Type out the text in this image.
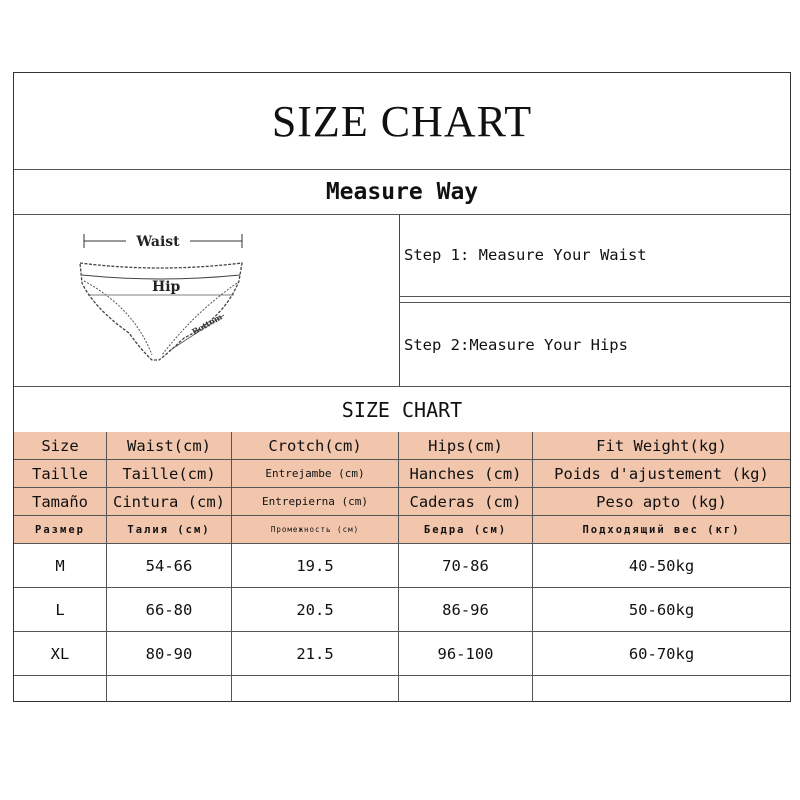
SIZE CHART
Measure Way
Waist
Hip
Bottom
Step 1: Measure Your Waist
Step 2:Measure Your Hips
SIZE CHART
Size	Waist(cm)	Crotch(cm)	Hips(cm)	Fit Weight(kg)
Taille	Taille(cm)	Entrejambe (cm)	Hanches (cm)	Poids d'ajustement (kg)
Tamaño	Cintura (cm)	Entrepierna (cm)	Caderas (cm)	Peso apto (kg)
Размер	Талия (см)	Промежность (см)	Бедра (см)	Подходящий вес (кг)
M	54-66	19.5	70-86	40-50kg
L	66-80	20.5	86-96	50-60kg
XL	80-90	21.5	96-100	60-70kg
